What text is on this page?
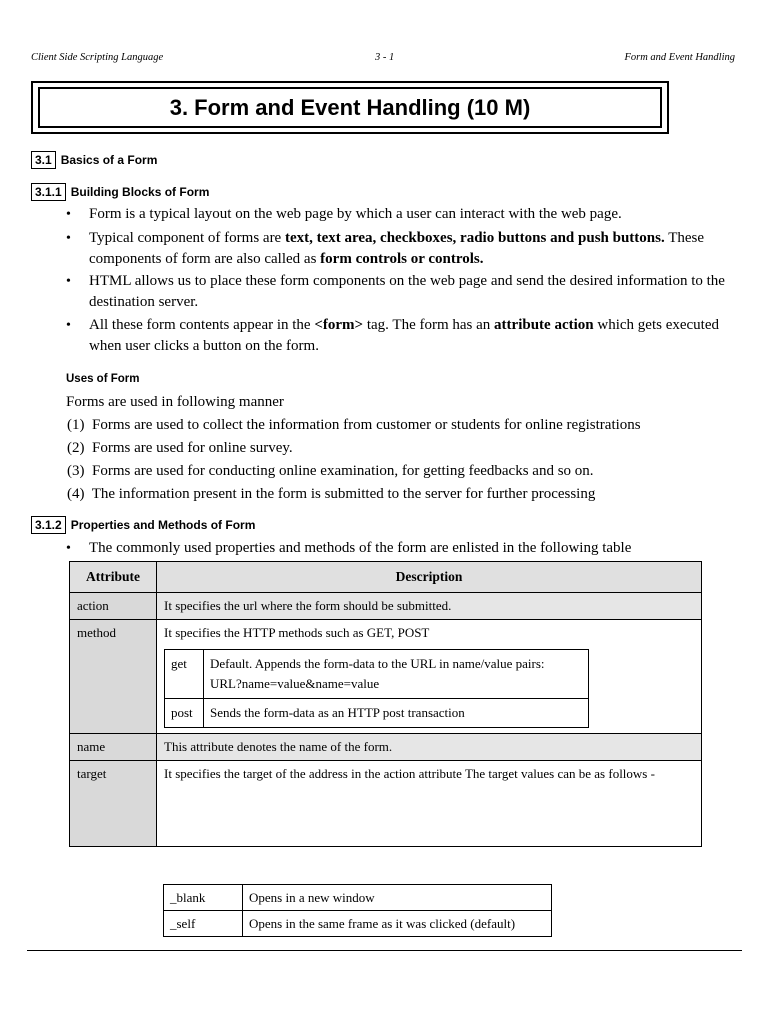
Client Side Scripting Language	3 - 1	Form and Event Handling
3. Form and Event Handling (10 M)
3.1 Basics of a Form
3.1.1 Building Blocks of Form
• Form is a typical layout on the web page by which a user can interact with the web page.
• Typical component of forms are text, text area, checkboxes, radio buttons and push buttons. These components of form are also called as form controls or controls.
• HTML allows us to place these form components on the web page and send the desired information to the destination server.
• All these form contents appear in the <form> tag. The form has an attribute action which gets executed when user clicks a button on the form.
Uses of Form
Forms are used in following manner
(1) Forms are used to collect the information from customer or students for online registrations
(2) Forms are used for online survey.
(3) Forms are used for conducting online examination, for getting feedbacks and so on.
(4) The information present in the form is submitted to the server for further processing
3.1.2 Properties and Methods of Form
• The commonly used properties and methods of the form are enlisted in the following table
Attribute	Description
action	It specifies the url where the form should be submitted.
method	It specifies the HTTP methods such as GET, POST
get	Default. Appends the form-data to the URL in name/value pairs:
URL?name=value&name=value
post	Sends the form-data as an HTTP post transaction

name	This attribute denotes the name of the form.
target	It specifies the target of the address in the action attribute The target values can be as follows -
_blank	Opens in a new window
_self	Opens in the same frame as it was clicked (default)
